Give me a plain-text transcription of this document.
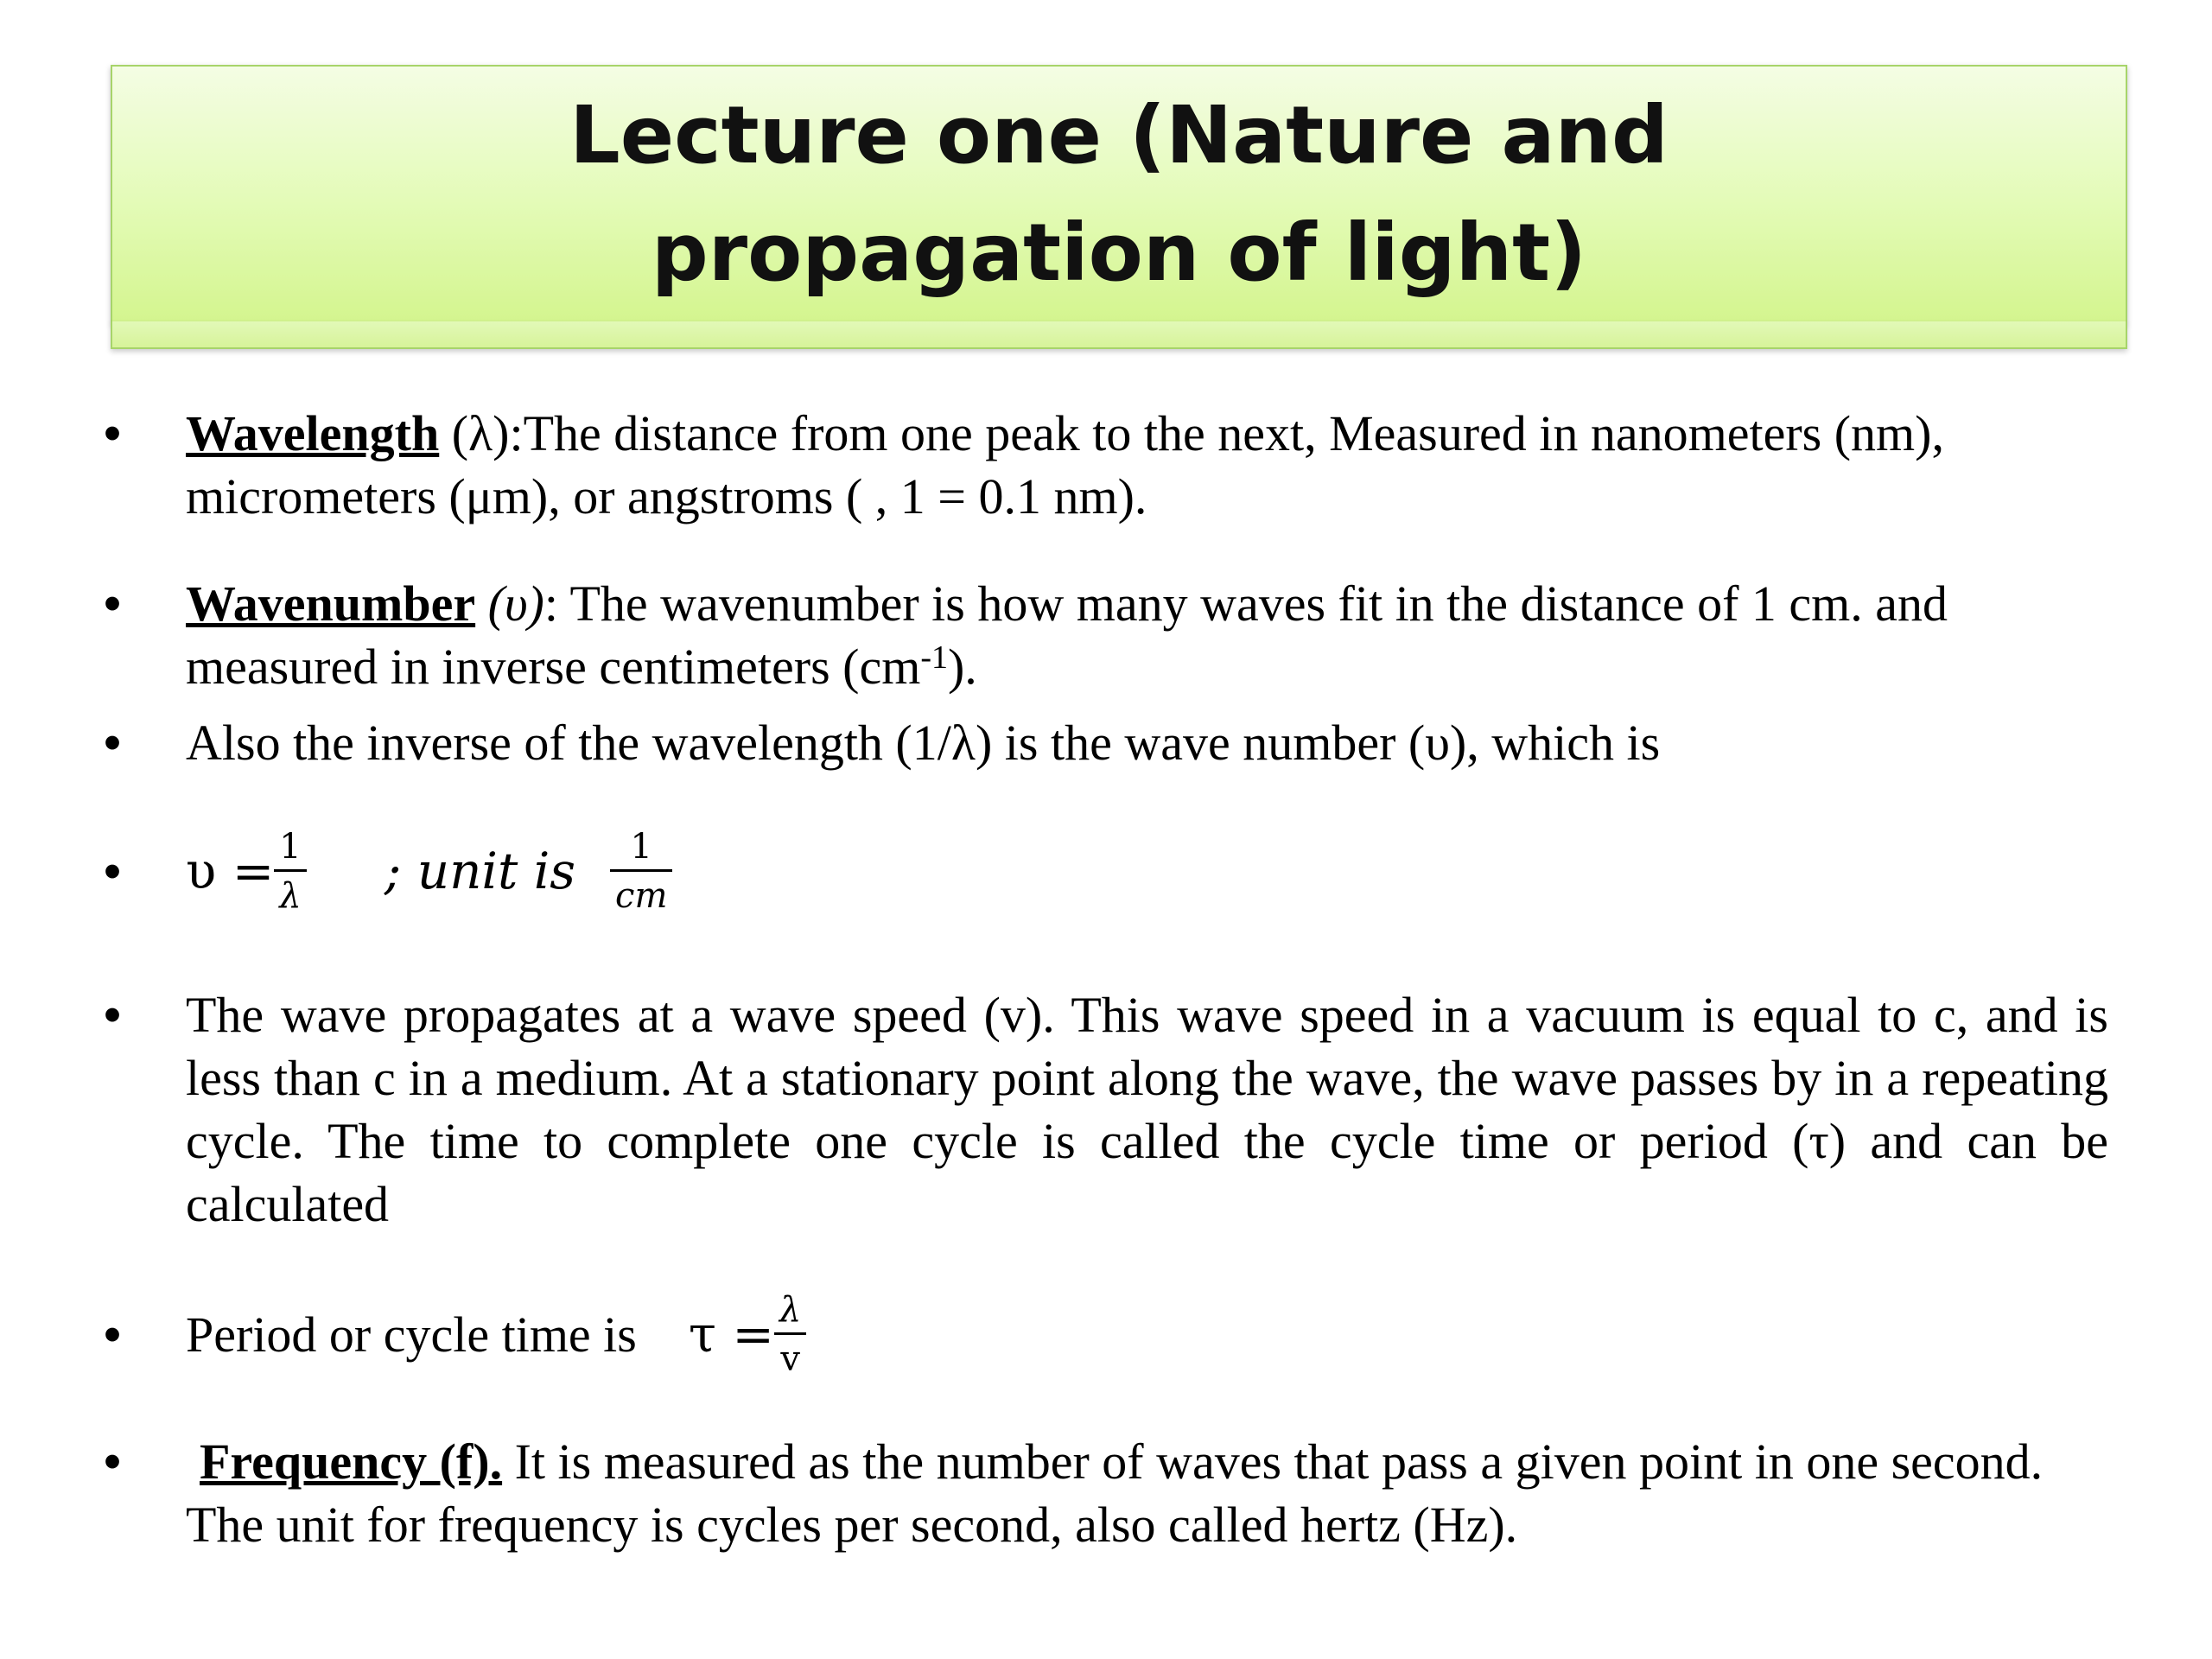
Lecture one (Nature and propagation of light)
• Wavelength (λ):The distance from one peak to the next, Measured in nanometers (nm), micrometers (μm), or angstroms ( , 1 = 0.1 nm).
• Wavenumber (υ): The wavenumber is how many waves fit in the distance of 1 cm. and measured in inverse centimeters $(cm^{-1})$.
• Also the inverse of the wavelength (1/λ) is the wave number (υ), which is
• $\upsilon = \frac{1}{\lambda}$ ; unit is $\frac{1}{cm}$
• The wave propagates at a wave speed (v). This wave speed in a vacuum is equal to c, and is less than c in a medium. At a stationary point along the wave, the wave passes by in a repeating cycle. The time to complete one cycle is called the cycle time or period (τ) and can be calculated
• Period or cycle time is $\tau = \frac{\lambda}{v}$
• Frequency (f). It is measured as the number of waves that pass a given point in one second. The unit for frequency is cycles per second, also called hertz (Hz).
